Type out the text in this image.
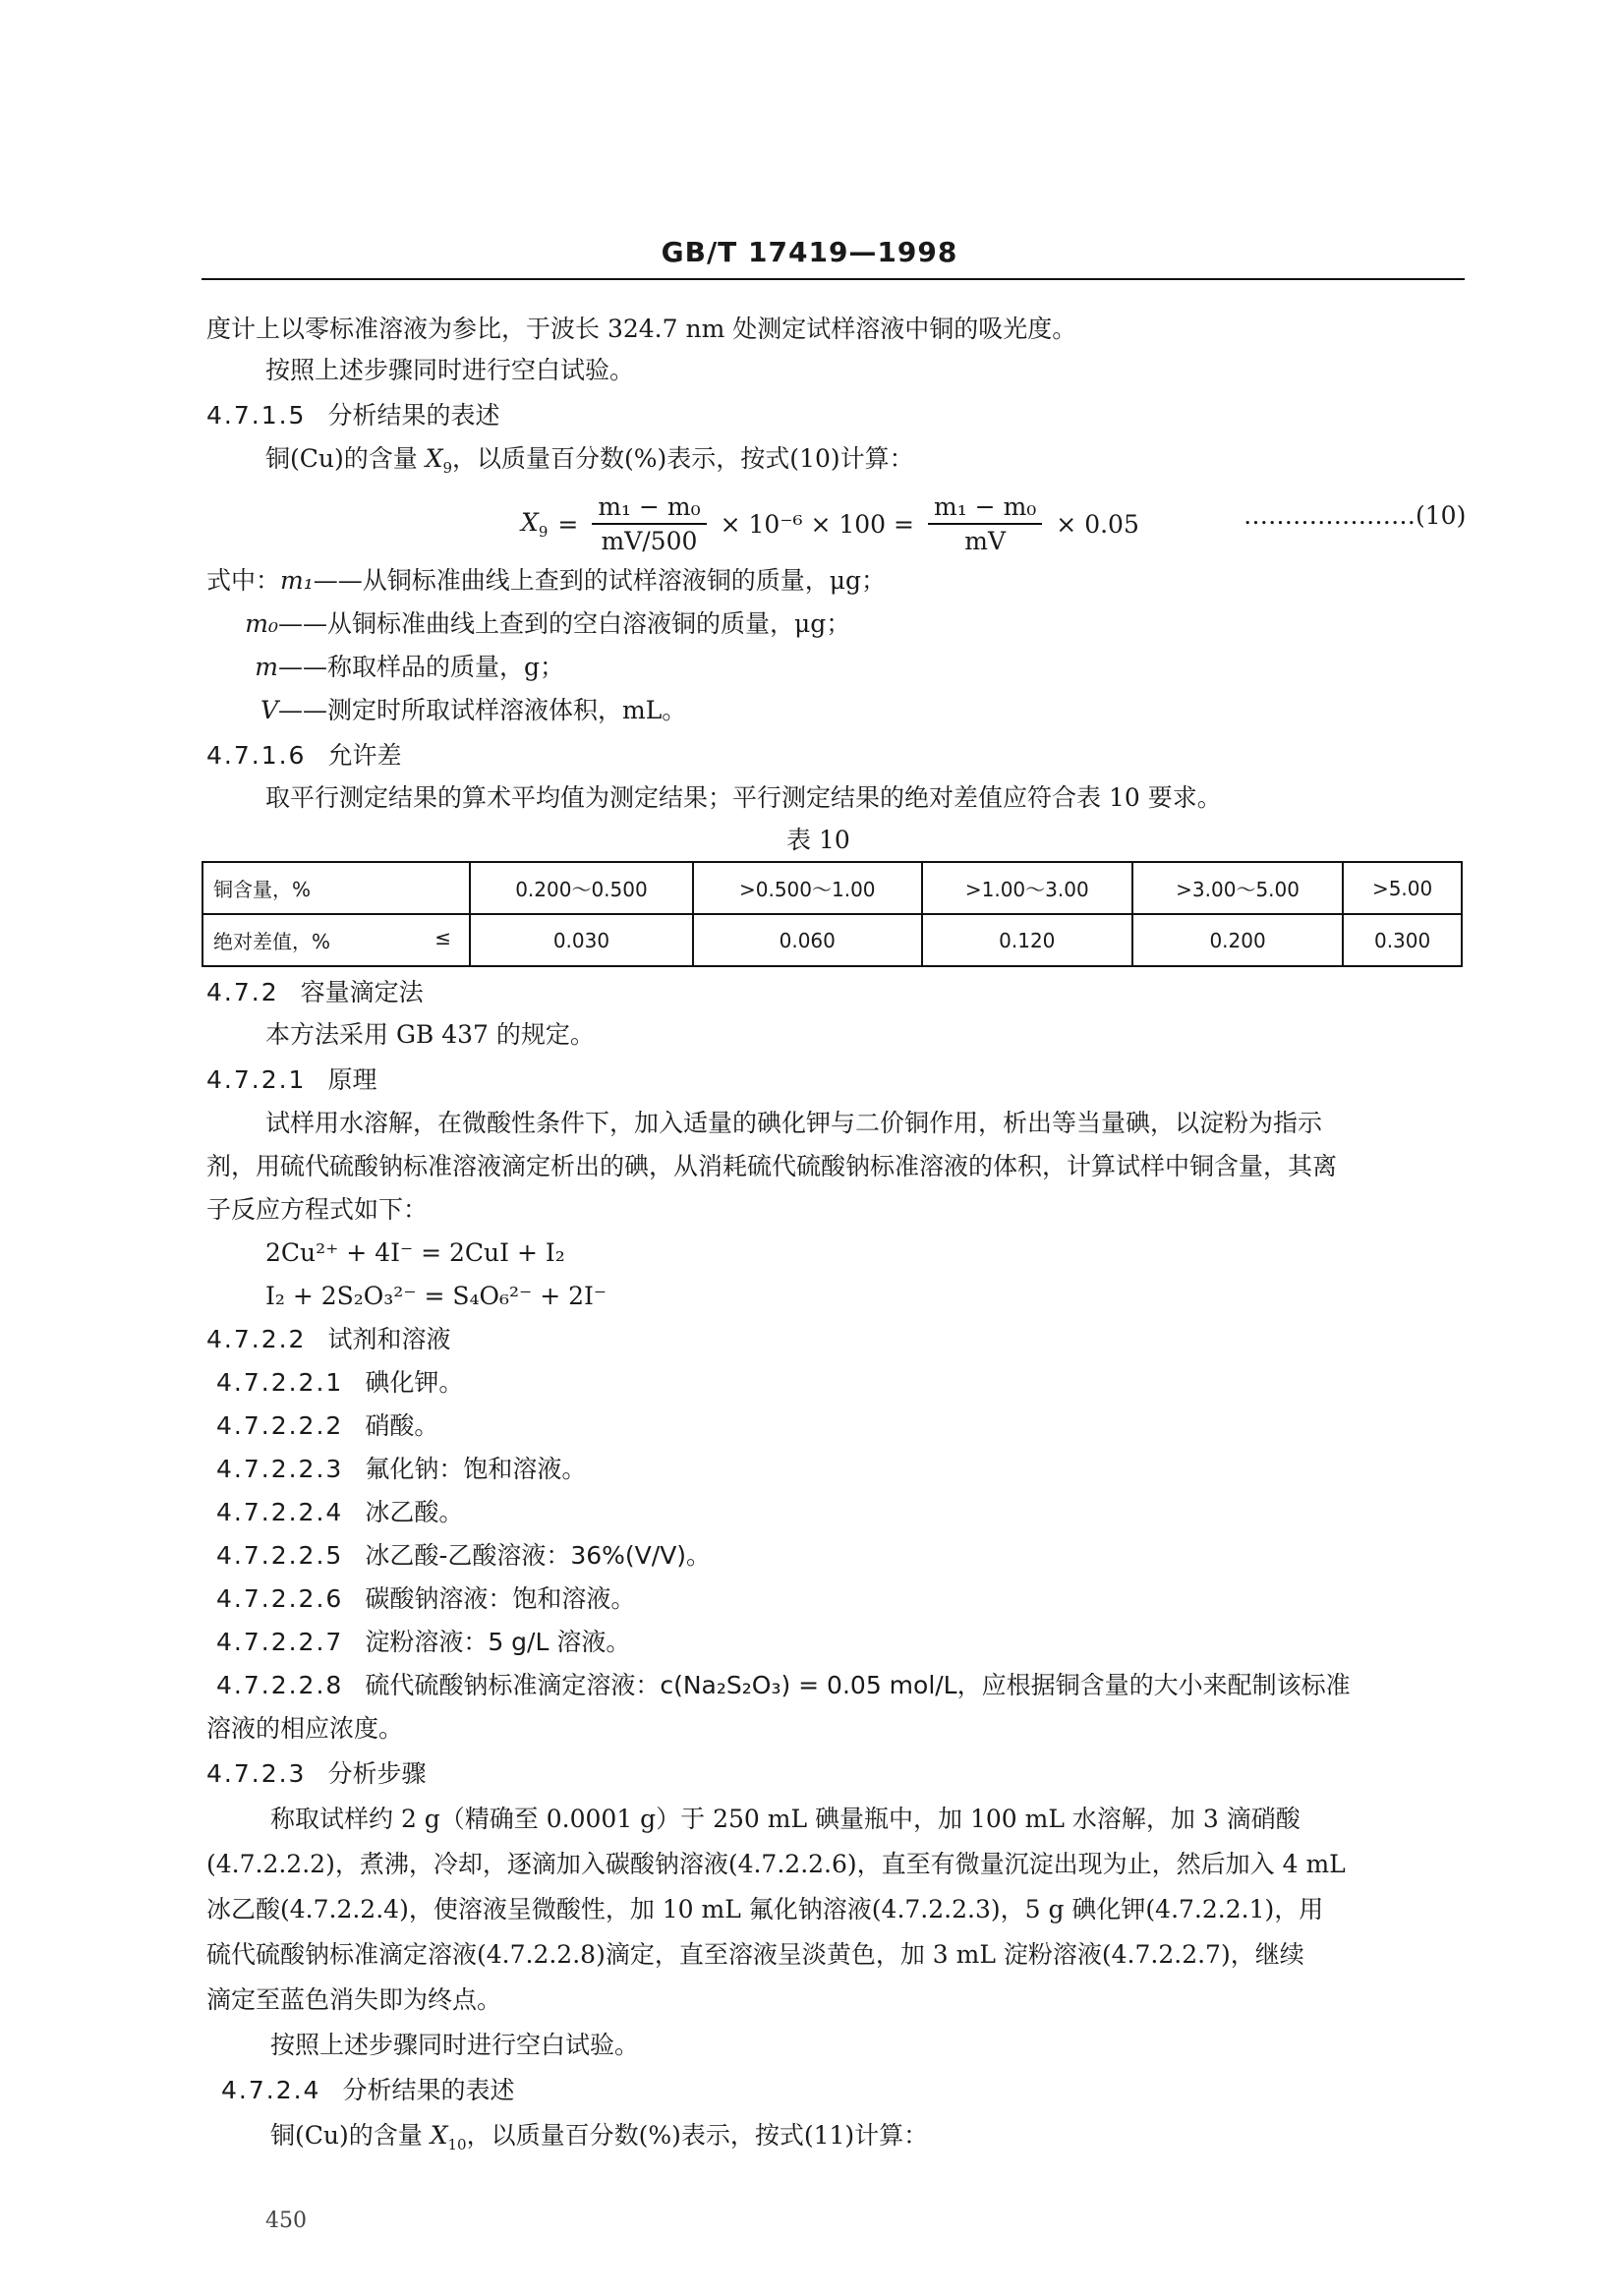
GB/T 17419—1998
度计上以零标准溶液为参比，于波长 324.7 nm 处测定试样溶液中铜的吸光度。
按照上述步骤同时进行空白试验。
4.7.1.5 分析结果的表述
铜(Cu)的含量 $X_9$，以质量百分数(%)表示，按式(10)计算：
$X_9 = \frac{\text{m₁ − m₀}}{mV/500} \times 10^{-6} \times 100 = \frac{\text{m₁ − m₀}}{mV} \times 0.05$	…………………(10)
式中：m₁——从铜标准曲线上查到的试样溶液铜的质量，μg；
m₀——从铜标准曲线上查到的空白溶液铜的质量，μg；
m——称取样品的质量，g；
V——测定时所取试样溶液体积，mL。
4.7.1.6 允许差
取平行测定结果的算术平均值为测定结果；平行测定结果的绝对差值应符合表 10 要求。
表 10
铜含量，%	0.200～0.500	>0.500～1.00	>1.00～3.00	>3.00～5.00	>5.00
绝对差值，% ≤	0.030	0.060	0.120	0.200	0.300
4.7.2 容量滴定法
本方法采用 GB 437 的规定。
4.7.2.1 原理
试样用水溶解，在微酸性条件下，加入适量的碘化钾与二价铜作用，析出等当量碘，以淀粉为指示
剂，用硫代硫酸钠标准溶液滴定析出的碘，从消耗硫代硫酸钠标准溶液的体积，计算试样中铜含量，其离
子反应方程式如下：
2Cu²⁺ + 4I⁻ = 2CuI + I₂
I₂ + 2S₂O₃²⁻ = S₄O₆²⁻ + 2I⁻
4.7.2.2 试剂和溶液
4.7.2.2.1 碘化钾。
4.7.2.2.2 硝酸。
4.7.2.2.3 氟化钠：饱和溶液。
4.7.2.2.4 冰乙酸。
4.7.2.2.5 冰乙酸-乙酸溶液：36%(V/V)。
4.7.2.2.6 碳酸钠溶液：饱和溶液。
4.7.2.2.7 淀粉溶液：5 g/L 溶液。
4.7.2.2.8 硫代硫酸钠标准滴定溶液：c(Na₂S₂O₃) = 0.05 mol/L，应根据铜含量的大小来配制该标准
溶液的相应浓度。
4.7.2.3 分析步骤
称取试样约 2 g（精确至 0.0001 g）于 250 mL 碘量瓶中，加 100 mL 水溶解，加 3 滴硝酸
(4.7.2.2.2)，煮沸，冷却，逐滴加入碳酸钠溶液(4.7.2.2.6)，直至有微量沉淀出现为止，然后加入 4 mL
冰乙酸(4.7.2.2.4)，使溶液呈微酸性，加 10 mL 氟化钠溶液(4.7.2.2.3)，5 g 碘化钾(4.7.2.2.1)，用
硫代硫酸钠标准滴定溶液(4.7.2.2.8)滴定，直至溶液呈淡黄色，加 3 mL 淀粉溶液(4.7.2.2.7)，继续
滴定至蓝色消失即为终点。
按照上述步骤同时进行空白试验。
4.7.2.4 分析结果的表述
铜(Cu)的含量 $X_{10}$，以质量百分数(%)表示，按式(11)计算：
450
